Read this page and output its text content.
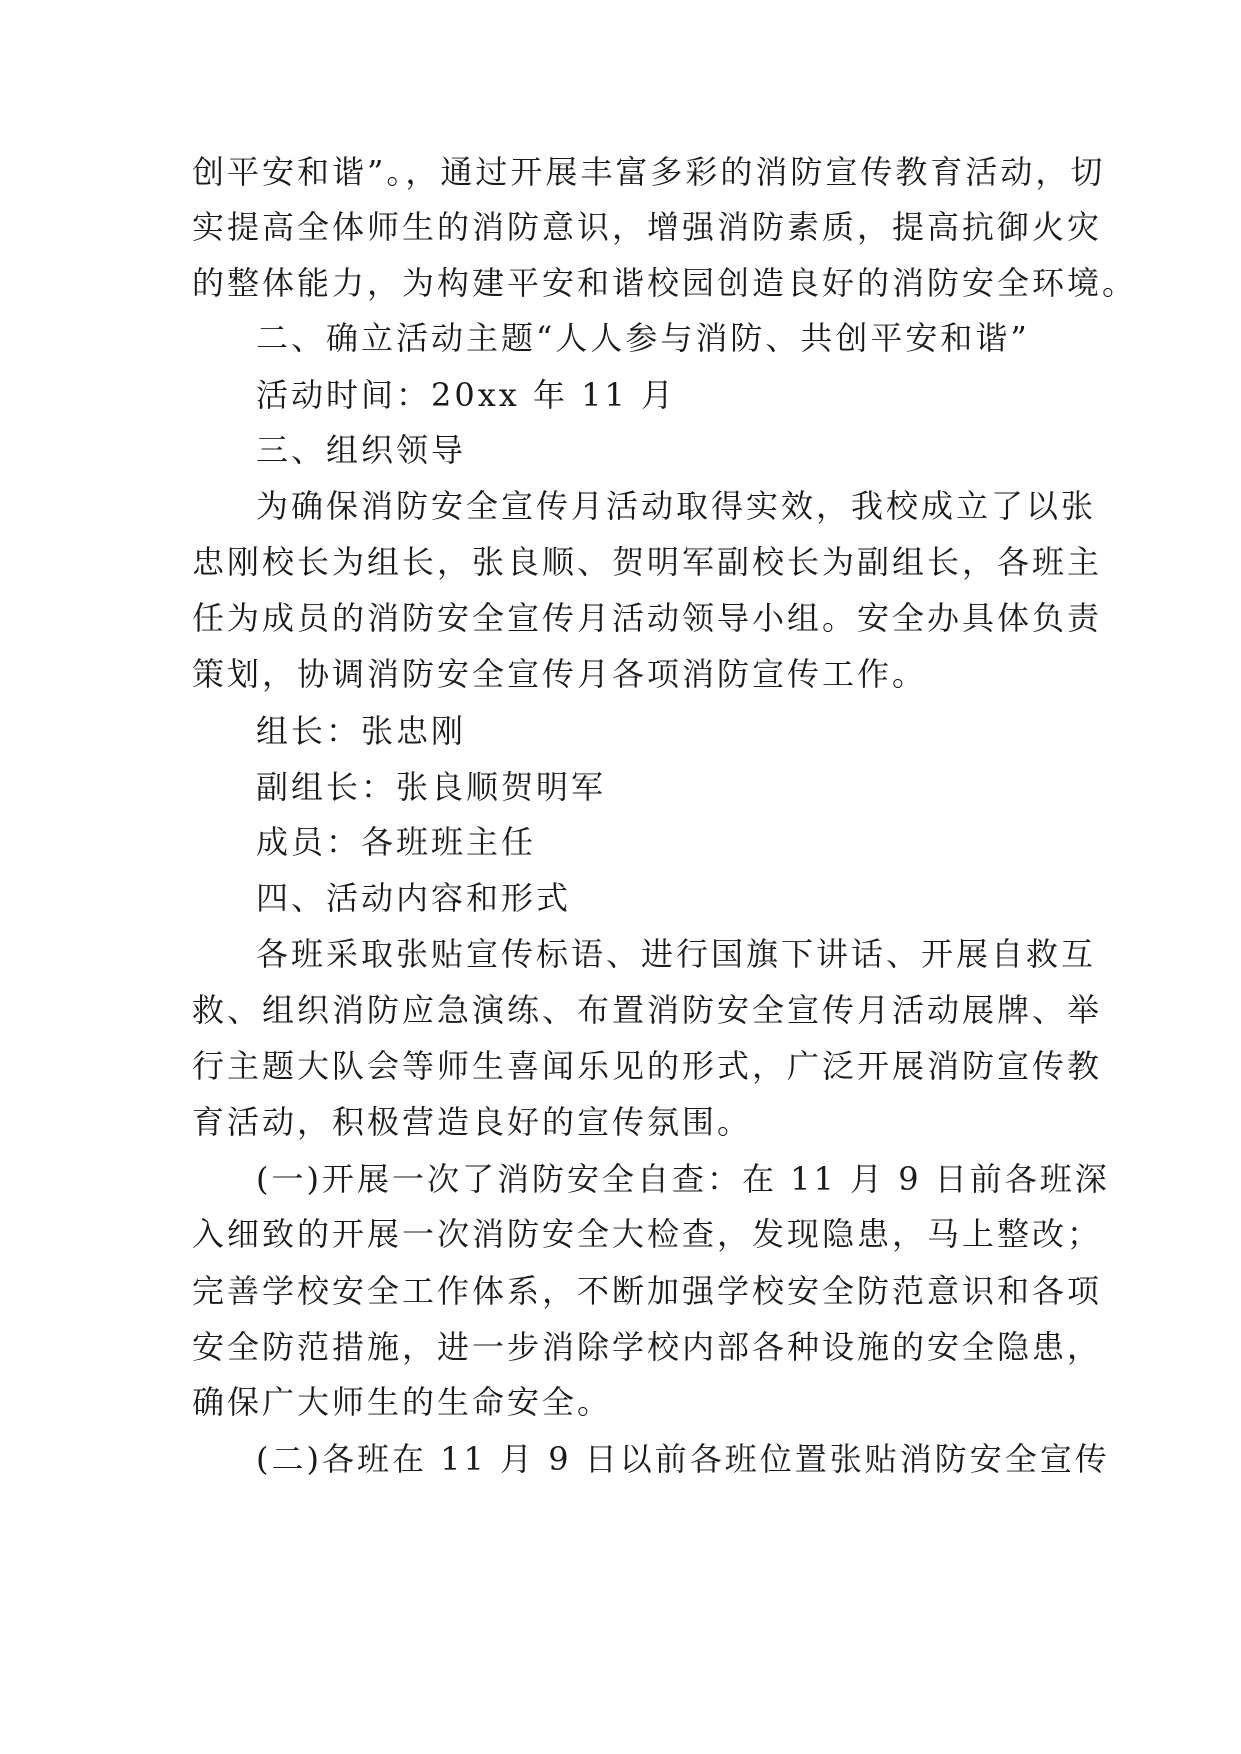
创平安和谐”。，通过开展丰富多彩的消防宣传教育活动，切
实提高全体师生的消防意识，增强消防素质，提高抗御火灾
的整体能力，为构建平安和谐校园创造良好的消防安全环境。
二、确立活动主题“人人参与消防、共创平安和谐”
活动时间：20xx 年 11 月
三、组织领导
为确保消防安全宣传月活动取得实效，我校成立了以张
忠刚校长为组长，张良顺、贺明军副校长为副组长，各班主
任为成员的消防安全宣传月活动领导小组。安全办具体负责
策划，协调消防安全宣传月各项消防宣传工作。
组长：张忠刚
副组长：张良顺贺明军
成员：各班班主任
四、活动内容和形式
各班采取张贴宣传标语、进行国旗下讲话、开展自救互
救、组织消防应急演练、布置消防安全宣传月活动展牌、举
行主题大队会等师生喜闻乐见的形式，广泛开展消防宣传教
育活动，积极营造良好的宣传氛围。
(一)开展一次了消防安全自查：在 11 月 9 日前各班深
入细致的开展一次消防安全大检查，发现隐患，马上整改；
完善学校安全工作体系，不断加强学校安全防范意识和各项
安全防范措施，进一步消除学校内部各种设施的安全隐患，
确保广大师生的生命安全。
(二)各班在 11 月 9 日以前各班位置张贴消防安全宣传
